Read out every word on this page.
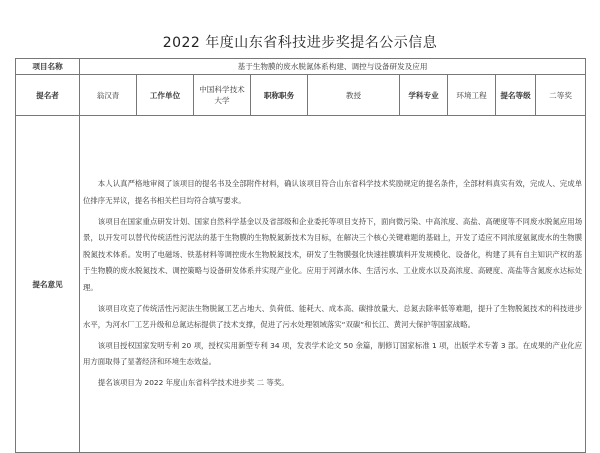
2022 年度山东省科技进步奖提名公示信息
项目名称	基于生物膜的废水脱氮体系构建、调控与设备研发及应用								
提名者	翁汉青	工作单位	中国科学技术大学	职称职务	教授	学科专业	环境工程	提名等级	二等奖
提名意见	本人认真严格地审阅了该项目的提名书及全部附件材料，确认该项目符合山东省科学技术奖励规定的提名条件，全部材料真实有效，完成人、完成单位排序无异议，提名书相关栏目均符合填写要求。

该项目在国家重点研发计划、国家自然科学基金以及省部级和企业委托等项目支持下，面向微污染、中高浓度、高盐、高硬度等不同废水脱氮应用场景，以开发可以替代传统活性污泥法的基于生物膜的生物脱氮新技术为目标，在解决三个核心关键难题的基础上，开发了适应不同浓度氨氮废水的生物膜脱氮技术体系。发明了电磁场、铁基材料等调控废水生物脱氮技术，研发了生物膜强化快速挂膜填料开发规模化、设备化，构建了具有自主知识产权的基于生物膜的废水脱氮技术、调控策略与设备研发体系并实现产业化。应用于河湖水体、生活污水、工业废水以及高浓度、高硬度、高盐等含氮废水达标处理。

该项目攻克了传统活性污泥法生物脱氮工艺占地大、负荷低、能耗大、成本高、碳排放量大、总氮去除率低等难题，提升了生物脱氮技术的科技进步水平，为河水厂工艺升级和总氮达标提供了技术支撑，促进了污水处理领域落实“双碳”和长江、黄河大保护等国家战略。

该项目授权国家发明专利 20 项，授权实用新型专利 34 项，发表学术论文 50 余篇，制修订国家标准 1 项，出版学术专著 3 部。在成果的产业化应用方面取得了显著经济和环境生态效益。

提名该项目为 2022 年度山东省科学技术进步奖 二 等奖。								
